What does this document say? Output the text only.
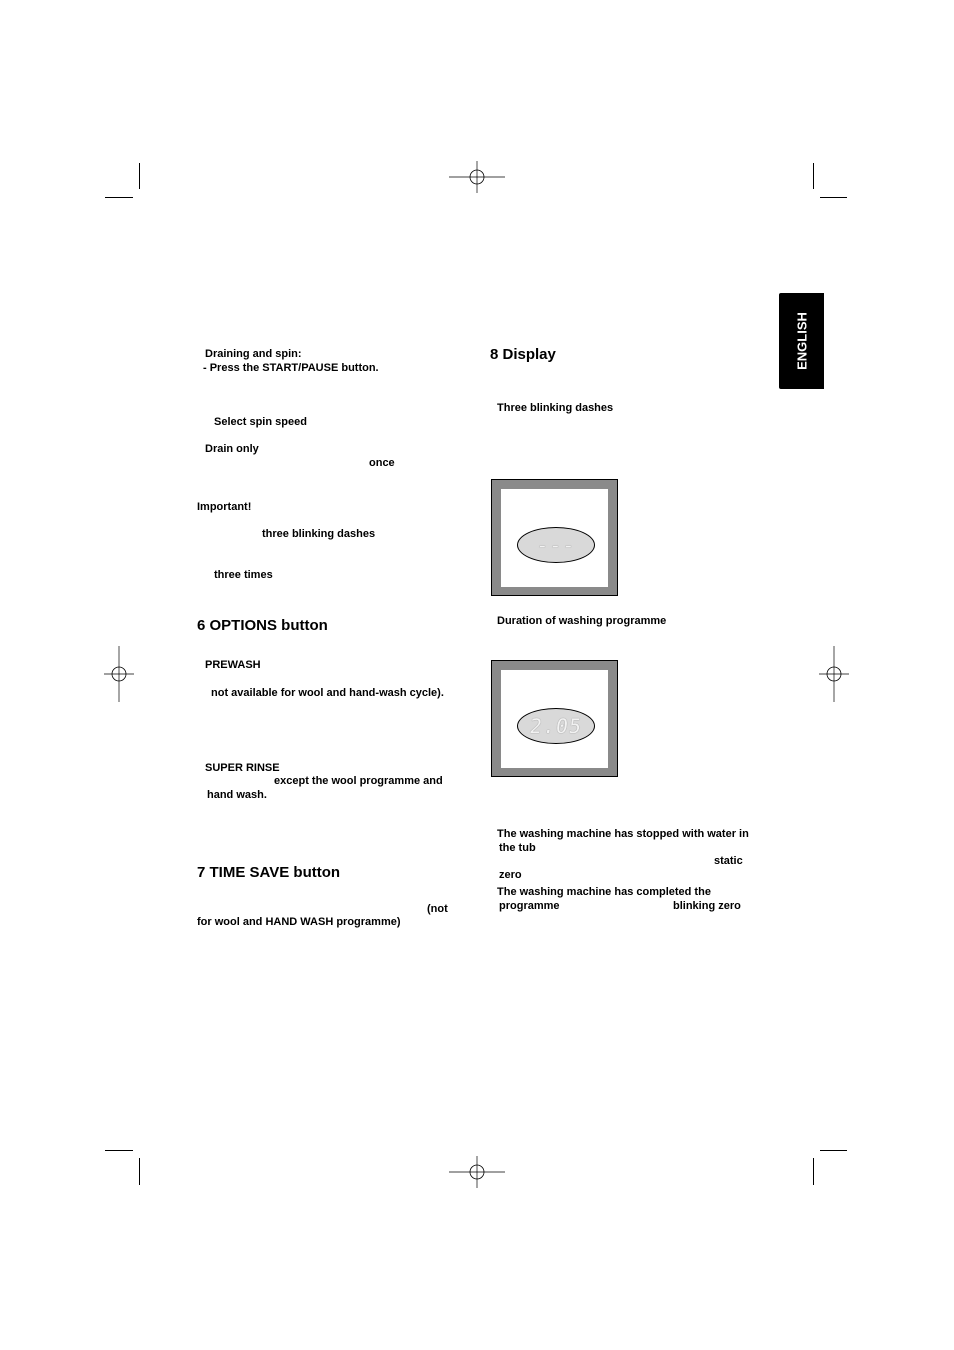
ENGLISH
Draining and spin:
- Press the START/PAUSE button.
Select spin speed
Drain only
once
Important!
three blinking dashes
three times
6 OPTIONS button
PREWASH
not available for wool and hand-wash cycle).
SUPER RINSE
except the wool programme and
hand wash.
7 TIME SAVE button
(not
for wool and HAND WASH programme)
8 Display
Three blinking dashes
---
Duration of washing programme
2.05
The washing machine has stopped with water in
the tub
static
zero
The washing machine has completed the
programme	blinking zero
